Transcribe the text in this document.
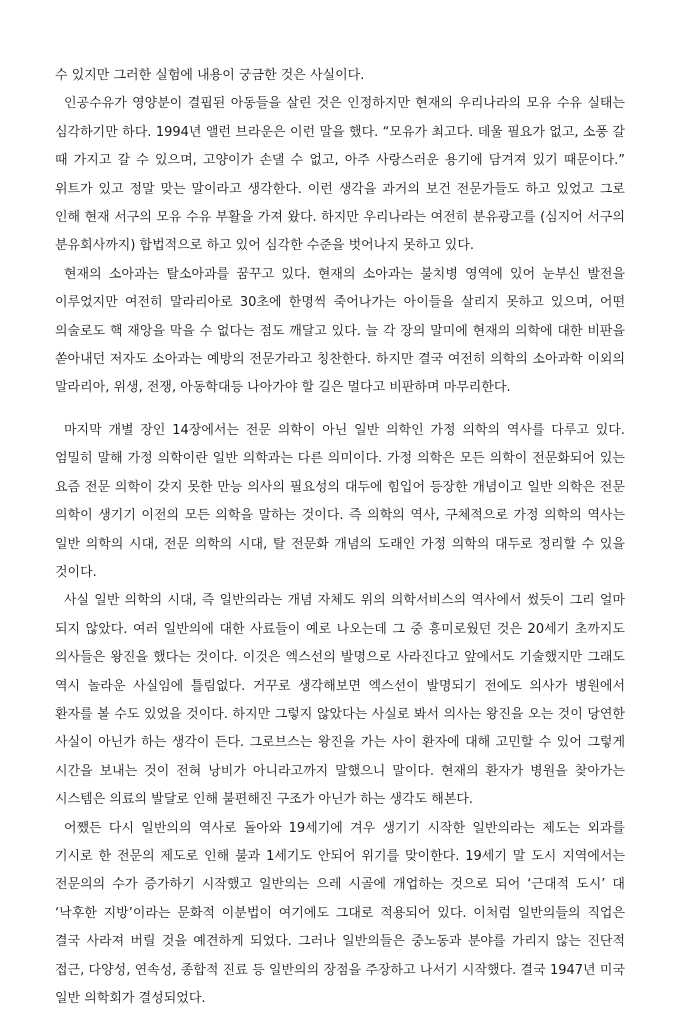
수 있지만 그러한 실험에 내용이 궁금한 것은 사실이다.

인공수유가 영양분이 결핍된 아동들을 살린 것은 인정하지만 현재의 우리나라의 모유 수유 실태는 심각하기만 하다. 1994년 앨런 브라운은 이런 말을 했다. “모유가 최고다. 데울 필요가 없고, 소풍 갈 때 가지고 갈 수 있으며, 고양이가 손댈 수 없고, 아주 사랑스러운 용기에 담겨져 있기 때문이다.” 위트가 있고 정말 맞는 말이라고 생각한다. 이런 생각을 과거의 보건 전문가들도 하고 있었고 그로 인해 현재 서구의 모유 수유 부활을 가져 왔다. 하지만 우리나라는 여전히 분유광고를 (심지어 서구의 분유회사까지) 합법적으로 하고 있어 심각한 수준을 벗어나지 못하고 있다.

현재의 소아과는 탈소아과를 꿈꾸고 있다. 현재의 소아과는 불치병 영역에 있어 눈부신 발전을 이루었지만 여전히 말라리아로 30초에 한명씩 죽어나가는 아이들을 살리지 못하고 있으며, 어떤 의술로도 핵 재앙을 막을 수 없다는 점도 깨달고 있다. 늘 각 장의 말미에 현재의 의학에 대한 비판을 쏟아내던 저자도 소아과는 예방의 전문가라고 칭찬한다. 하지만 결국 여전히 의학의 소아과학 이외의 말라리아, 위생, 전쟁, 아동학대등 나아가야 할 길은 멀다고 비판하며 마무리한다.

마지막 개별 장인 14장에서는 전문 의학이 아닌 일반 의학인 가정 의학의 역사를 다루고 있다. 엄밀히 말해 가정 의학이란 일반 의학과는 다른 의미이다. 가정 의학은 모든 의학이 전문화되어 있는 요즘 전문 의학이 갖지 못한 만능 의사의 필요성의 대두에 힘입어 등장한 개념이고 일반 의학은 전문 의학이 생기기 이전의 모든 의학을 말하는 것이다. 즉 의학의 역사, 구체적으로 가정 의학의 역사는 일반 의학의 시대, 전문 의학의 시대, 탈 전문화 개념의 도래인 가정 의학의 대두로 정리할 수 있을 것이다.

사실 일반 의학의 시대, 즉 일반의라는 개념 자체도 위의 의학서비스의 역사에서 썼듯이 그리 얼마 되지 않았다. 여러 일반의에 대한 사료들이 예로 나오는데 그 중 흥미로웠던 것은 20세기 초까지도 의사들은 왕진을 했다는 것이다. 이것은 엑스선의 발명으로 사라진다고 앞에서도 기술했지만 그래도 역시 놀라운 사실임에 틀림없다. 거꾸로 생각해보면 엑스선이 발명되기 전에도 의사가 병원에서 환자를 볼 수도 있었을 것이다. 하지만 그렇지 않았다는 사실로 봐서 의사는 왕진을 오는 것이 당연한 사실이 아닌가 하는 생각이 든다. 그로브스는 왕진을 가는 사이 환자에 대해 고민할 수 있어 그렇게 시간을 보내는 것이 전혀 낭비가 아니라고까지 말했으니 말이다. 현재의 환자가 병원을 찾아가는 시스템은 의료의 발달로 인해 불편해진 구조가 아닌가 하는 생각도 해본다.

어쨌든 다시 일반의의 역사로 돌아와 19세기에 겨우 생기기 시작한 일반의라는 제도는 외과를 기시로 한 전문의 제도로 인해 불과 1세기도 안되어 위기를 맞이한다. 19세기 말 도시 지역에서는 전문의의 수가 증가하기 시작했고 일반의는 으레 시골에 개업하는 것으로 되어 ‘근대적 도시’ 대 ‘낙후한 지방’이라는 문화적 이분법이 여기에도 그대로 적용되어 있다. 이처럼 일반의들의 직업은 결국 사라져 버릴 것을 예견하게 되었다. 그러나 일반의들은 중노동과 분야를 가리지 않는 진단적 접근, 다양성, 연속성, 종합적 진료 등 일반의의 장점을 주장하고 나서기 시작했다. 결국 1947년 미국 일반 의학회가 결성되었다.
